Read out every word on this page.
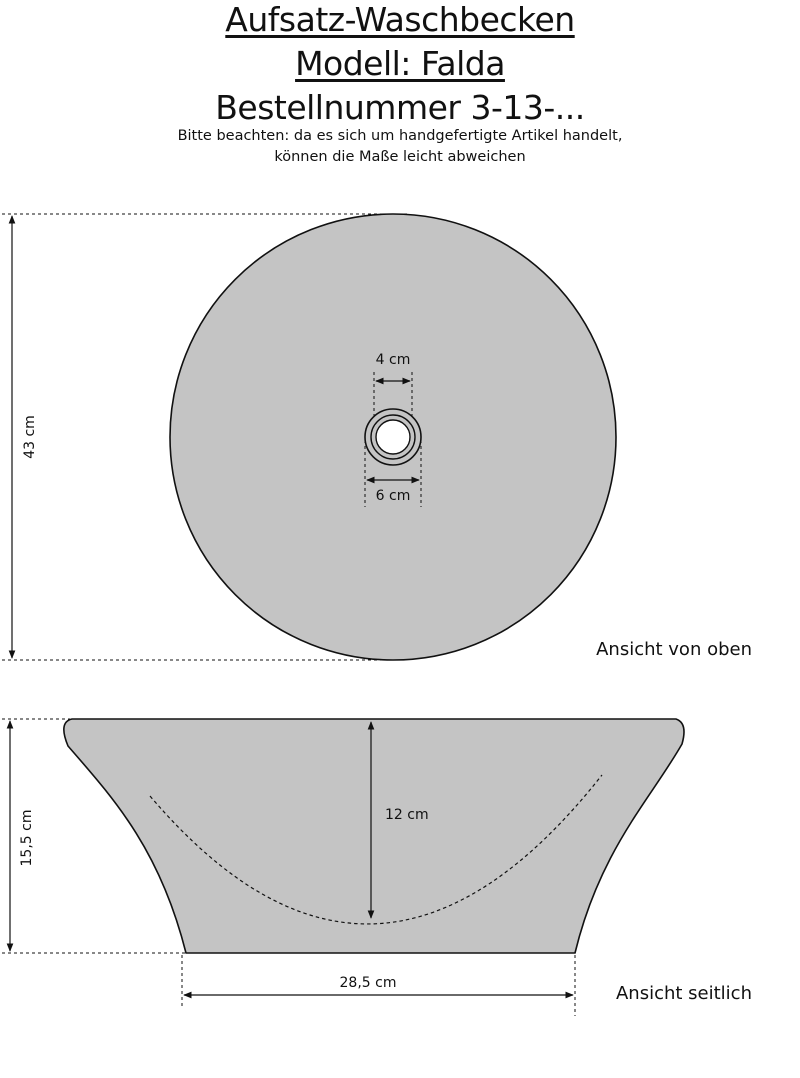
Aufsatz-Waschbecken
Modell: Falda
Bestellnummer 3-13-...
Bitte beachten: da es sich um handgefertigte Artikel handelt,
können die Maße leicht abweichen
4 cm
6 cm
43 cm
Ansicht von oben
12 cm
15,5 cm
28,5 cm	Ansicht seitlich
